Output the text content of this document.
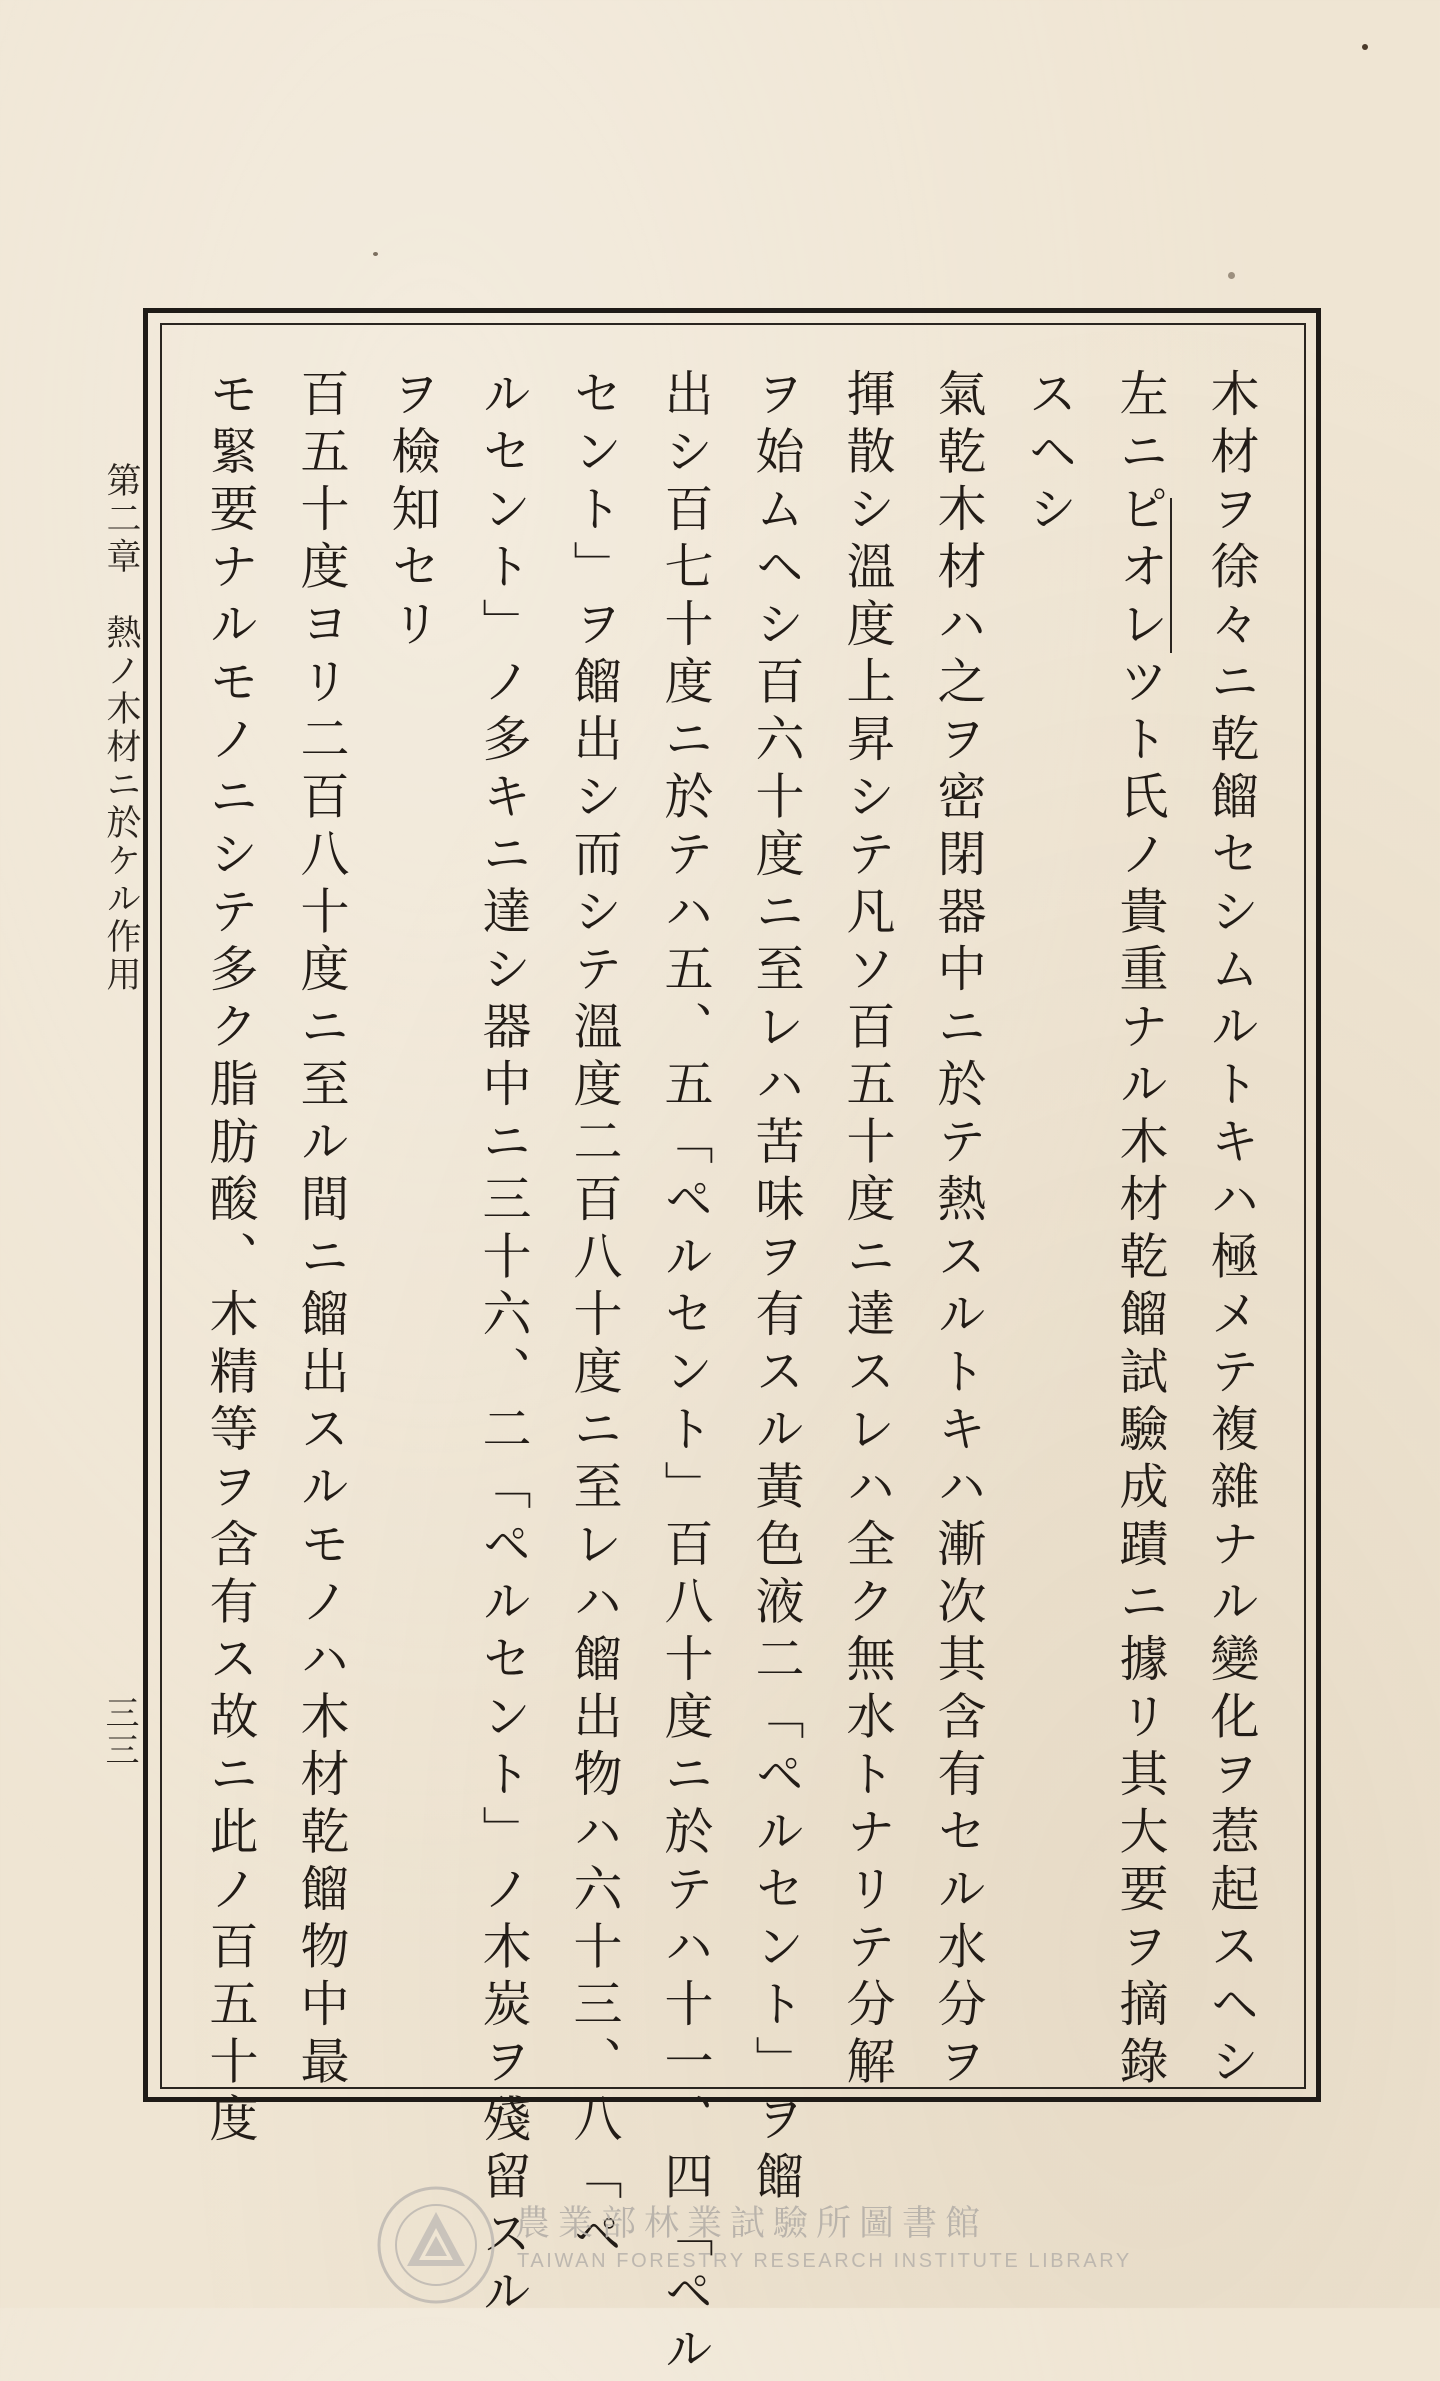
木材ヲ徐々ニ乾餾セシムルトキハ極メテ複雜ナル變化ヲ惹起スヘシ
左ニピオレツト氏ノ貴重ナル木材乾餾試驗成蹟ニ據リ其大要ヲ摘錄
スヘシ
氣乾木材ハ之ヲ密閉器中ニ於テ熱スルトキハ漸次其含有セル水分ヲ
揮散シ溫度上昇シテ凡ソ百五十度ニ達スレハ全ク無水トナリテ分解
ヲ始ムヘシ百六十度ニ至レハ苦味ヲ有スル黃色液二「ペルセント」ヲ餾
出シ百七十度ニ於テハ五、五「ペルセント」百八十度ニ於テハ十一、四「ペル
セント」ヲ餾出シ而シテ溫度二百八十度ニ至レハ餾出物ハ六十三、八「ペ
ルセント」ノ多キニ達シ器中ニ三十六、二「ペルセント」ノ木炭ヲ殘留スル
ヲ檢知セリ
百五十度ヨリ二百八十度ニ至ル間ニ餾出スルモノハ木材乾餾物中最
モ緊要ナルモノニシテ多ク脂肪酸、木精等ヲ含有ス故ニ此ノ百五十度
第二章　熱ノ木材ニ於ケル作用
三三
農業部林業試驗所圖書館
TAIWAN FORESTRY RESEARCH INSTITUTE LIBRARY
